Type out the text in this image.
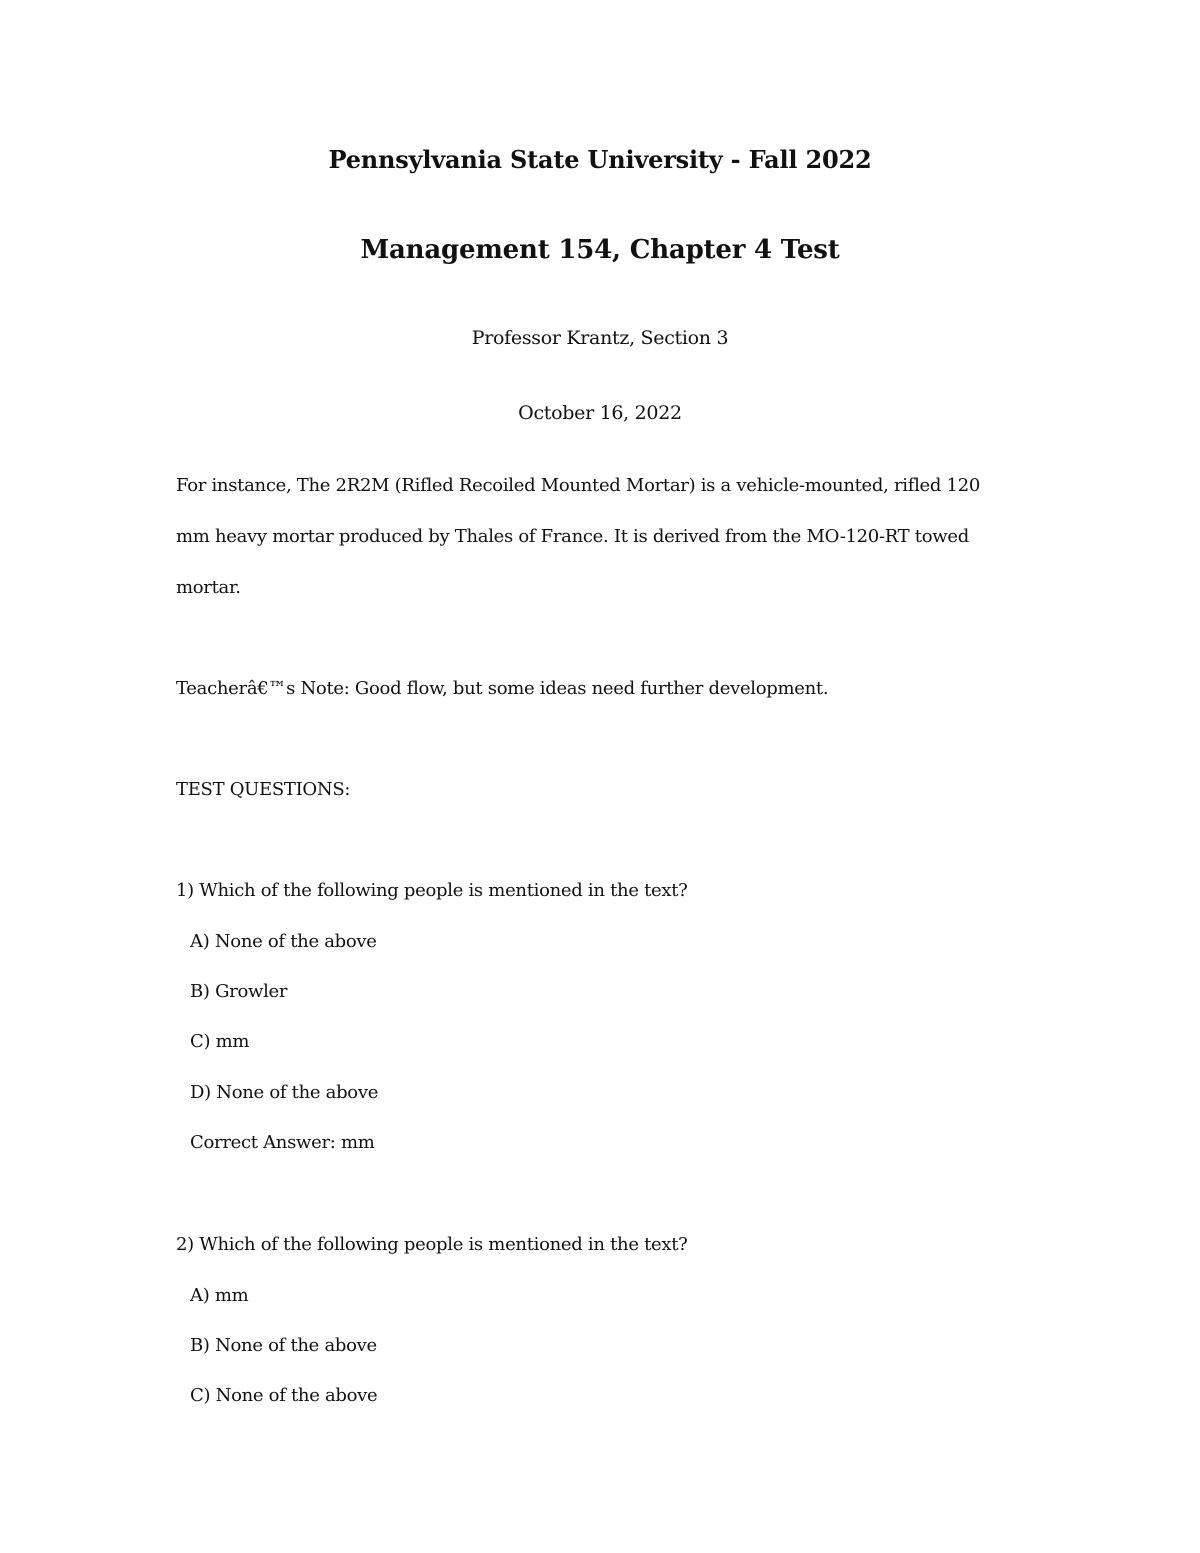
Pennsylvania State University - Fall 2022
Management 154, Chapter 4 Test
Professor Krantz, Section 3
October 16, 2022
For instance, The 2R2M (Rifled Recoiled Mounted Mortar) is a vehicle-mounted, rifled 120
mm heavy mortar produced by Thales of France. It is derived from the MO-120-RT towed
mortar.
Teacherâ€™s Note: Good flow, but some ideas need further development.
TEST QUESTIONS:
1) Which of the following people is mentioned in the text?
A) None of the above
B) Growler
C) mm
D) None of the above
Correct Answer: mm
2) Which of the following people is mentioned in the text?
A) mm
B) None of the above
C) None of the above
